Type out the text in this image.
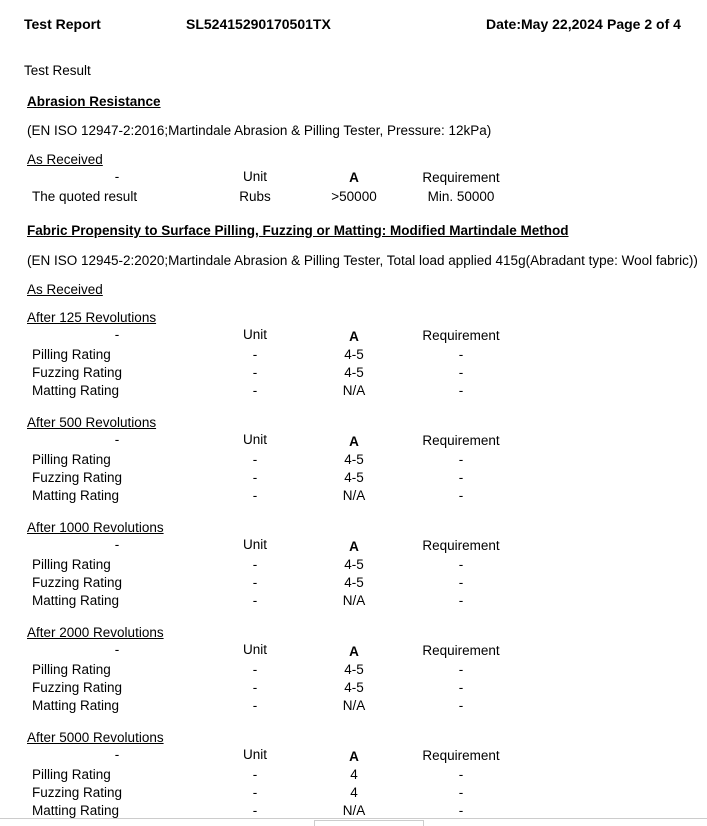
Test Report	SL52415290170501TX	Date:May 22,2024 Page 2 of 4
Test Result
Abrasion Resistance
(EN ISO 12947-2:2016;Martindale Abrasion & Pilling Tester, Pressure: 12kPa)
As Received
-	Unit	A	Requirement
The quoted result	Rubs	>50000	Min. 50000
Fabric Propensity to Surface Pilling, Fuzzing or Matting: Modified Martindale Method
(EN ISO 12945-2:2020;Martindale Abrasion & Pilling Tester, Total load applied 415g(Abradant type: Wool fabric))
As Received
After 125 Revolutions
-	Unit	A	Requirement
Pilling Rating	-	4-5	-
Fuzzing Rating	-	4-5	-
Matting Rating	-	N/A	-
After 500 Revolutions
-	Unit	A	Requirement
Pilling Rating	-	4-5	-
Fuzzing Rating	-	4-5	-
Matting Rating	-	N/A	-
After 1000 Revolutions
-	Unit	A	Requirement
Pilling Rating	-	4-5	-
Fuzzing Rating	-	4-5	-
Matting Rating	-	N/A	-
After 2000 Revolutions
-	Unit	A	Requirement
Pilling Rating	-	4-5	-
Fuzzing Rating	-	4-5	-
Matting Rating	-	N/A	-
After 5000 Revolutions
-	Unit	A	Requirement
Pilling Rating	-	4	-
Fuzzing Rating	-	4	-
Matting Rating	-	N/A	-
